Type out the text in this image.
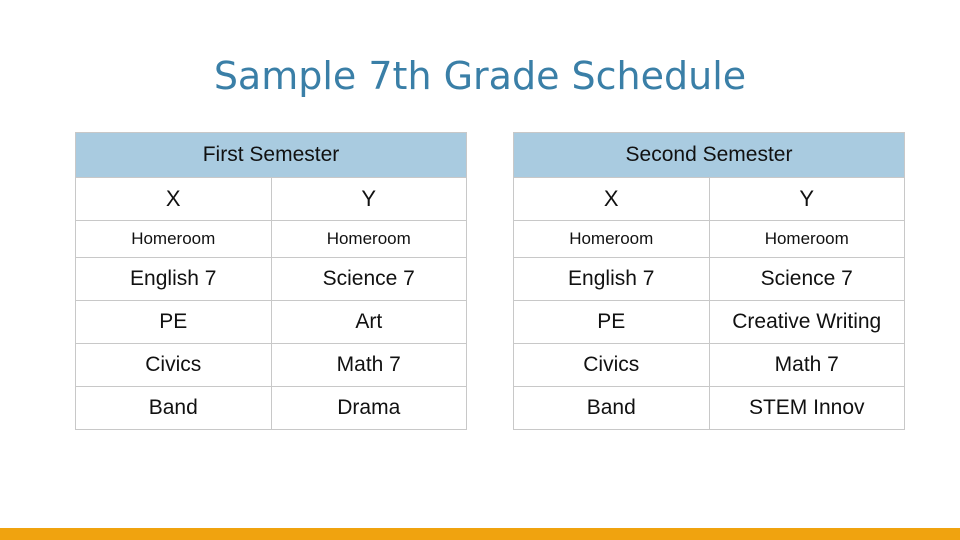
Sample 7th Grade Schedule
First Semester	
X	Y
Homeroom	Homeroom
English 7	Science 7
PE	Art
Civics	Math 7
Band	Drama
Second Semester	
X	Y
Homeroom	Homeroom
English 7	Science 7
PE	Creative Writing
Civics	Math 7
Band	STEM Innov
